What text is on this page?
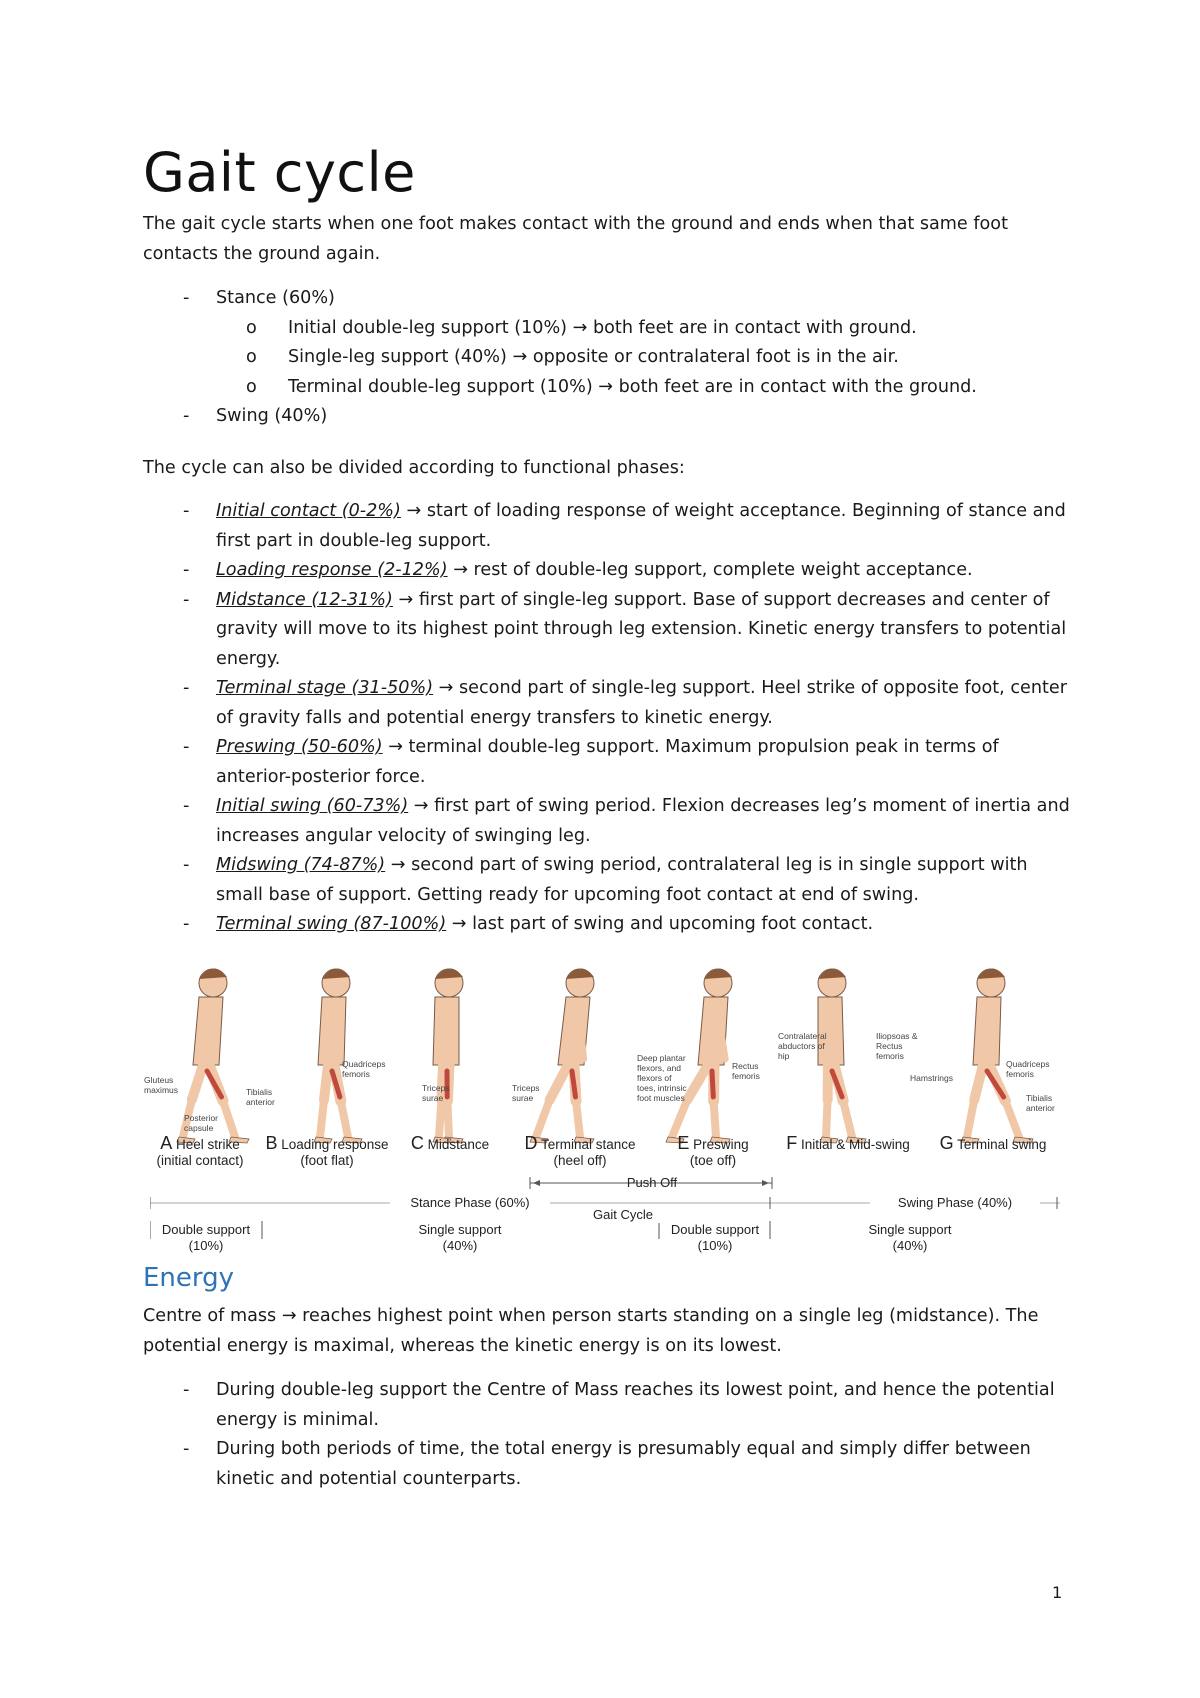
Gait cycle

The gait cycle starts when one foot makes contact with the ground and ends when that same foot contacts the ground again.

- Stance (60%)
o Initial double-leg support (10%) → both feet are in contact with ground.
o Single-leg support (40%) → opposite or contralateral foot is in the air.
o Terminal double-leg support (10%) → both feet are in contact with the ground.
- Swing (40%)

The cycle can also be divided according to functional phases:

- Initial contact (0-2%) → start of loading response of weight acceptance. Beginning of stance and first part in double-leg support.
- Loading response (2-12%) → rest of double-leg support, complete weight acceptance.
- Midstance (12-31%) → first part of single-leg support. Base of support decreases and center of gravity will move to its highest point through leg extension. Kinetic energy transfers to potential energy.
- Terminal stage (31-50%) → second part of single-leg support. Heel strike of opposite foot, center of gravity falls and potential energy transfers to kinetic energy.
- Preswing (50-60%) → terminal double-leg support. Maximum propulsion peak in terms of anterior-posterior force.
- Initial swing (60-73%) → first part of swing period. Flexion decreases leg’s moment of inertia and increases angular velocity of swinging leg.
- Midswing (74-87%) → second part of swing period, contralateral leg is in single support with small base of support. Getting ready for upcoming foot contact at end of swing.
- Terminal swing (87-100%) → last part of swing and upcoming foot contact.
A Heel strike
(initial contact)
B Loading response
(foot flat)
C Midstance	D Terminal stance
(heel off)
E Preswing
(toe off)
F Initial & Mid-swing	G Terminal swing

Gluteus maximus	Tibialis anterior
Posterior capsule
Quadriceps femoris
Triceps surae
Triceps surae
Deep plantar flexors, and flexors of toes, intrinsic foot muscles
Rectus femoris
Contralateral abductors of hip
Iliopsoas & Rectus femoris
Hamstrings
Quadriceps femoris
Tibialis anterior
Push Off
Stance Phase (60%)
Gait Cycle
Swing Phase (40%)
Double support
(10%)
Single support
(40%)
Double support
(10%)
Single support
(40%)
Energy

Centre of mass → reaches highest point when person starts standing on a single leg (midstance). The potential energy is maximal, whereas the kinetic energy is on its lowest.

- During double-leg support the Centre of Mass reaches its lowest point, and hence the potential energy is minimal.
- During both periods of time, the total energy is presumably equal and simply differ between kinetic and potential counterparts.
1
